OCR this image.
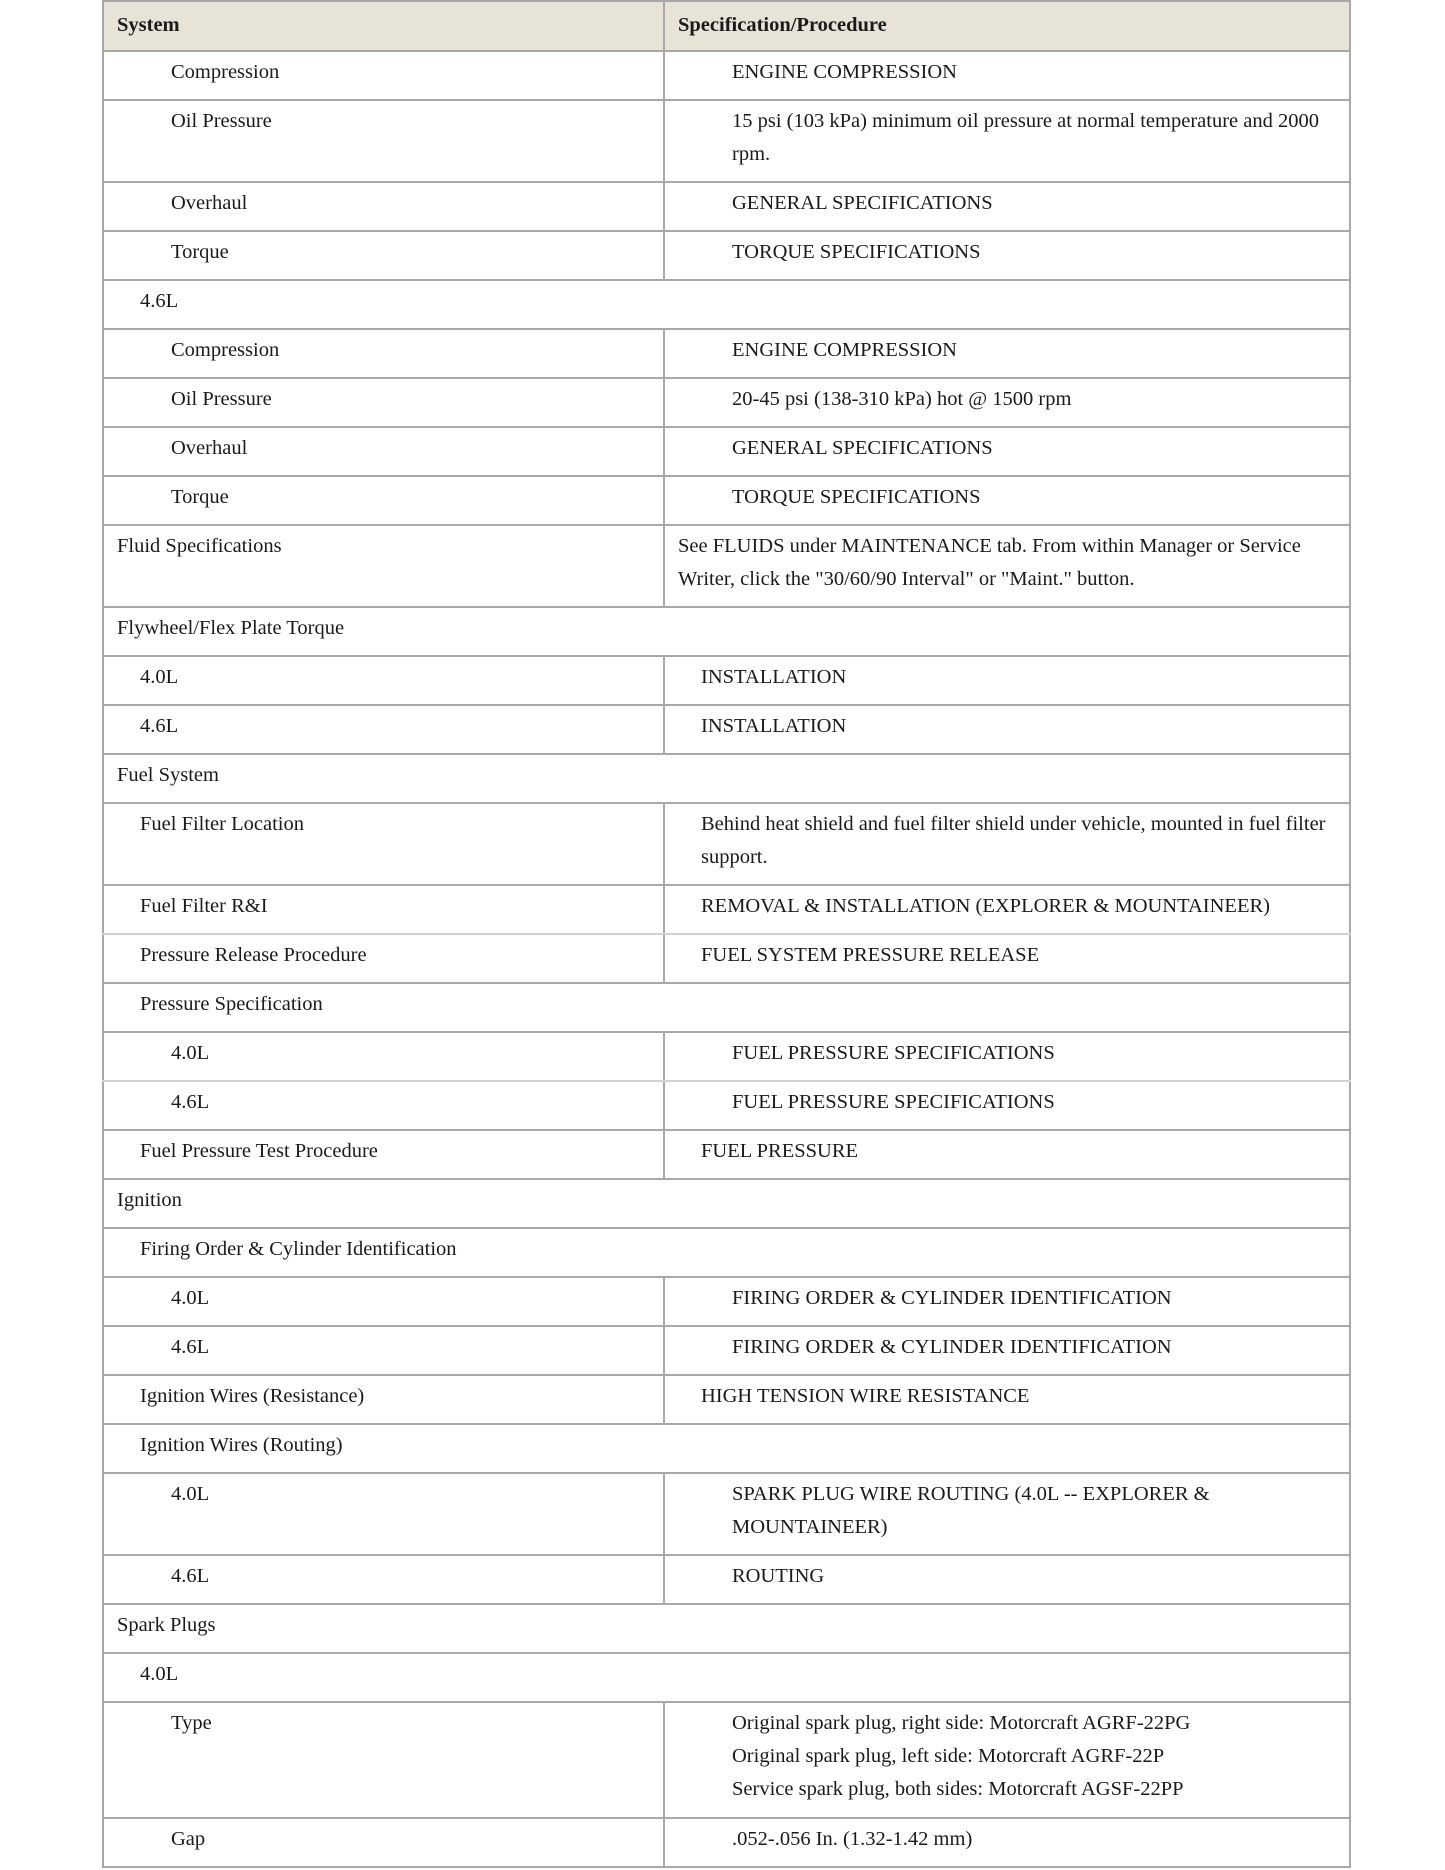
System	Specification/Procedure
Compression	ENGINE COMPRESSION
Oil Pressure	15 psi (103 kPa) minimum oil pressure at normal temperature and 2000 rpm.
Overhaul	GENERAL SPECIFICATIONS
Torque	TORQUE SPECIFICATIONS
4.6L	
Compression	ENGINE COMPRESSION
Oil Pressure	20-45 psi (138-310 kPa) hot @ 1500 rpm
Overhaul	GENERAL SPECIFICATIONS
Torque	TORQUE SPECIFICATIONS
Fluid Specifications	See FLUIDS under MAINTENANCE tab. From within Manager or Service Writer, click the "30/60/90 Interval" or "Maint." button.
Flywheel/Flex Plate Torque	
4.0L	INSTALLATION
4.6L	INSTALLATION
Fuel System	
Fuel Filter Location	Behind heat shield and fuel filter shield under vehicle, mounted in fuel filter support.
Fuel Filter R&I	REMOVAL & INSTALLATION (EXPLORER & MOUNTAINEER)
Pressure Release Procedure	FUEL SYSTEM PRESSURE RELEASE
Pressure Specification	
4.0L	FUEL PRESSURE SPECIFICATIONS
4.6L	FUEL PRESSURE SPECIFICATIONS
Fuel Pressure Test Procedure	FUEL PRESSURE
Ignition	
Firing Order & Cylinder Identification	
4.0L	FIRING ORDER & CYLINDER IDENTIFICATION
4.6L	FIRING ORDER & CYLINDER IDENTIFICATION
Ignition Wires (Resistance)	HIGH TENSION WIRE RESISTANCE
Ignition Wires (Routing)	
4.0L	SPARK PLUG WIRE ROUTING (4.0L -- EXPLORER & MOUNTAINEER)
4.6L	ROUTING
Spark Plugs	
4.0L	
Type	Original spark plug, right side: Motorcraft AGRF-22PG
Original spark plug, left side: Motorcraft AGRF-22P
Service spark plug, both sides: Motorcraft AGSF-22PP

Gap	.052-.056 In. (1.32-1.42 mm)
